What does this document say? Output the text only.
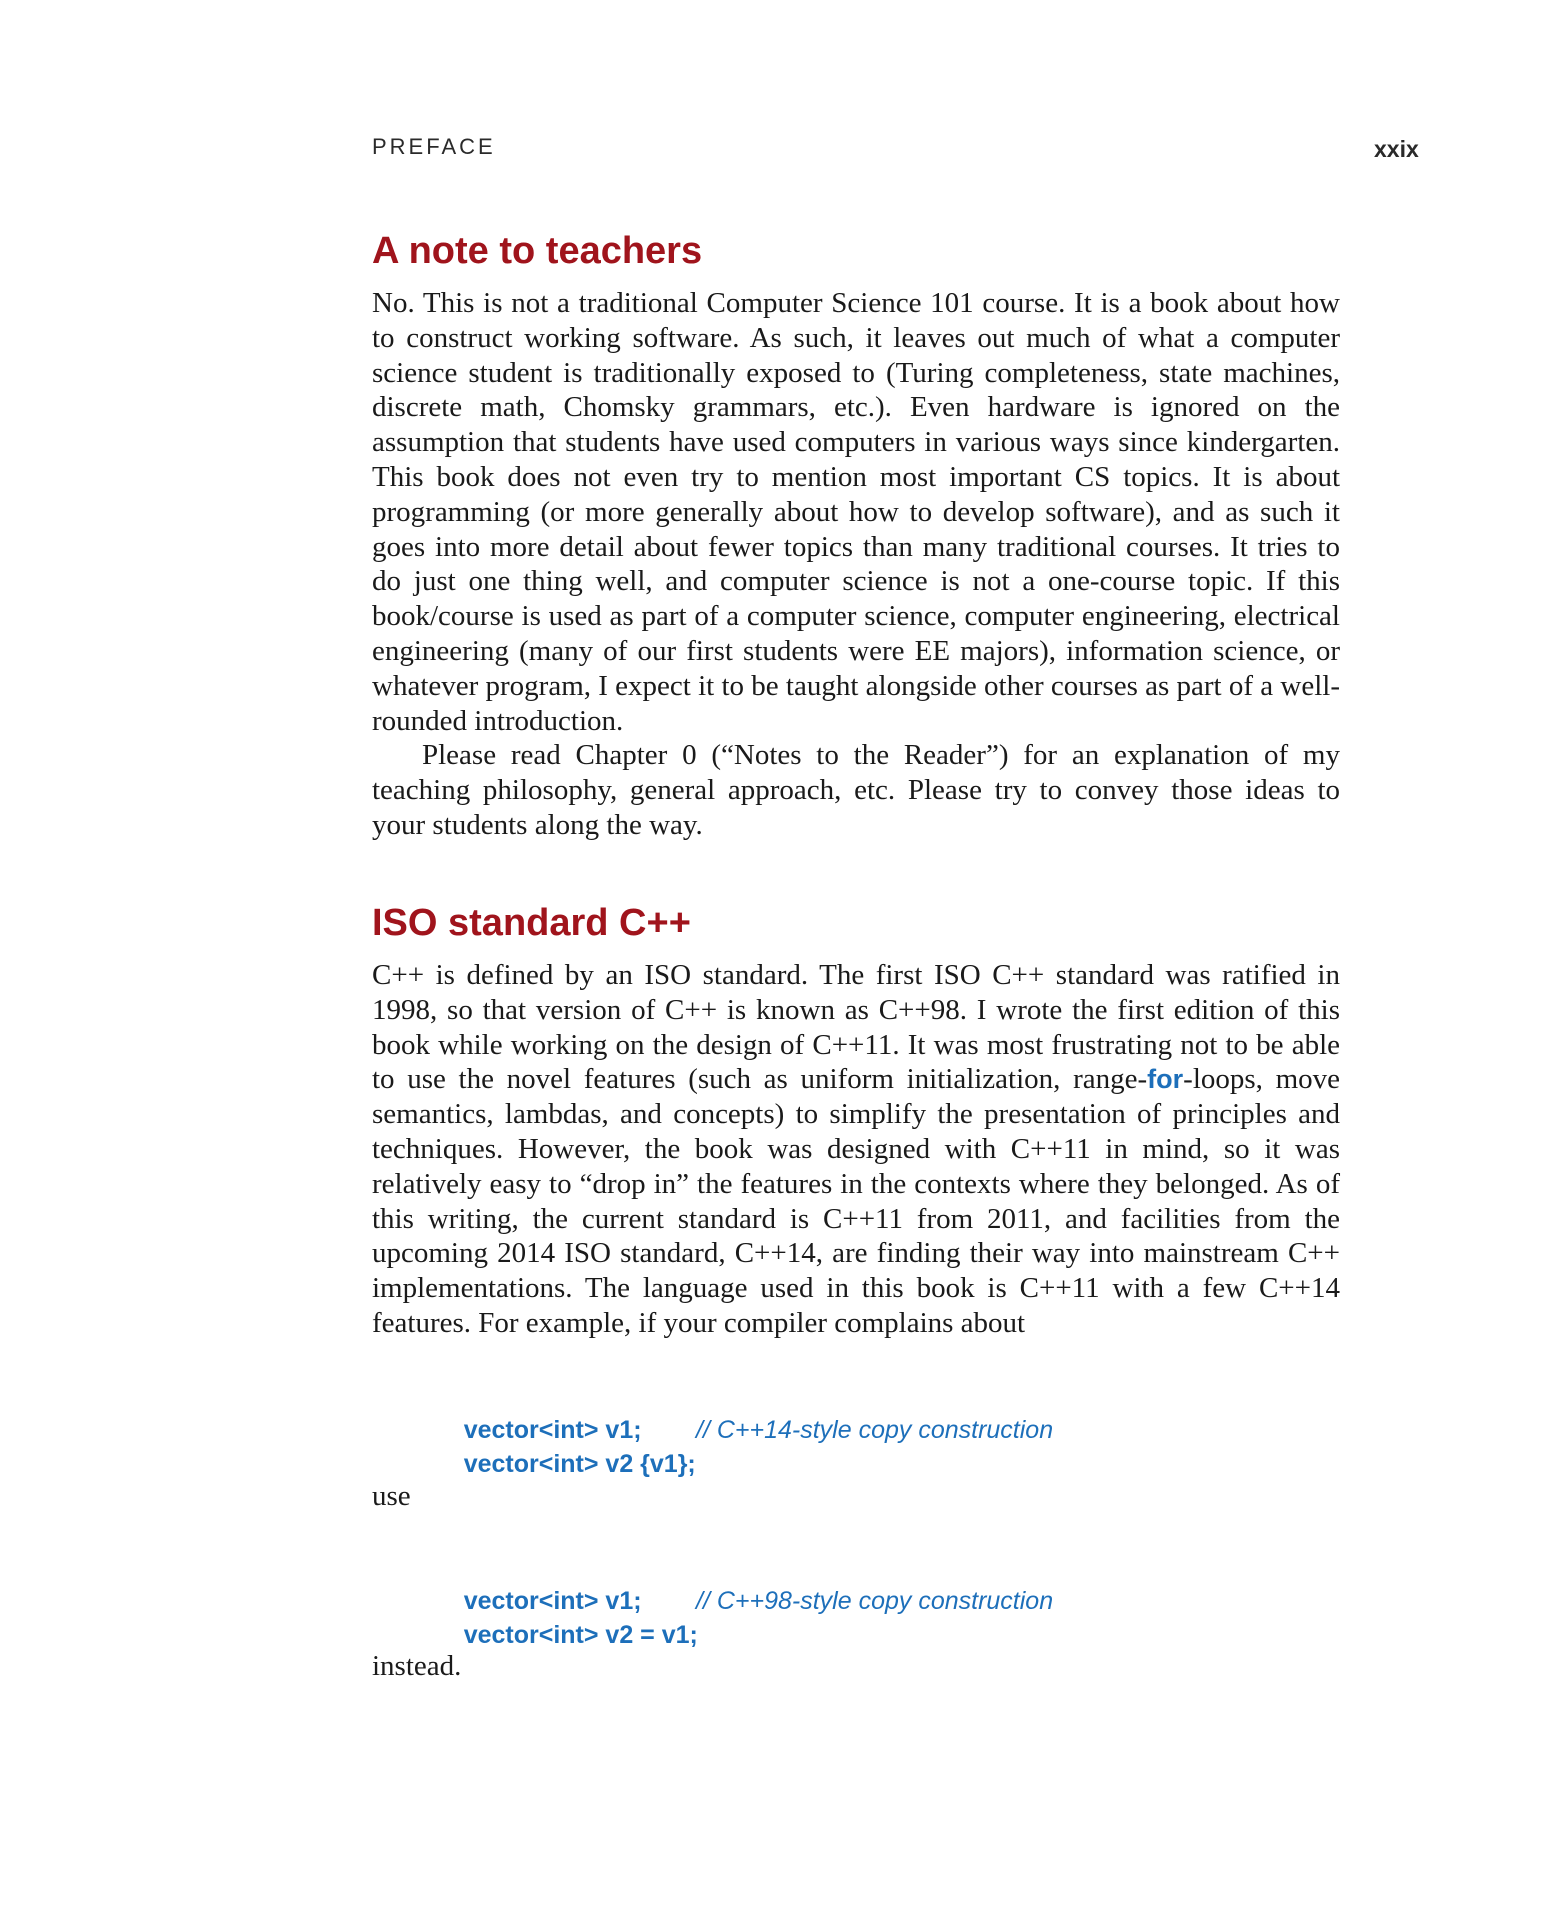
PREFACE	xxix
A note to teachers

No. This is not a traditional Computer Science 101 course. It is a book about how to construct working software. As such, it leaves out much of what a computer science student is traditionally exposed to (Turing completeness, state machines, discrete math, Chomsky grammars, etc.). Even hardware is ignored on the assumption that students have used computers in various ways since kindergarten. This book does not even try to mention most important CS topics. It is about programming (or more generally about how to develop software), and as such it goes into more detail about fewer topics than many traditional courses. It tries to do just one thing well, and computer science is not a one-course topic. If this book/course is used as part of a computer science, computer engineering, electrical engineering (many of our first students were EE majors), information science, or whatever program, I expect it to be taught alongside other courses as part of a well-rounded introduction.

Please read Chapter 0 (“Notes to the Reader”) for an explanation of my teaching philosophy, general approach, etc. Please try to convey those ideas to your students along the way.

ISO standard C++

C++ is defined by an ISO standard. The first ISO C++ standard was ratified in 1998, so that version of C++ is known as C++98. I wrote the first edition of this book while working on the design of C++11. It was most frustrating not to be able to use the novel features (such as uniform initialization, range-for-loops, move semantics, lambdas, and concepts) to simplify the presentation of principles and techniques. However, the book was designed with C++11 in mind, so it was relatively easy to “drop in” the features in the contexts where they belonged. As of this writing, the current standard is C++11 from 2011, and facilities from the upcoming 2014 ISO standard, C++14, are finding their way into mainstream C++ implementations. The language used in this book is C++11 with a few C++14 features. For example, if your compiler complains about

vector<int> v1;

vector<int> v2 {v1};

// C++14-style copy construction

use

vector<int> v1;

vector<int> v2 = v1;

// C++98-style copy construction

instead.
